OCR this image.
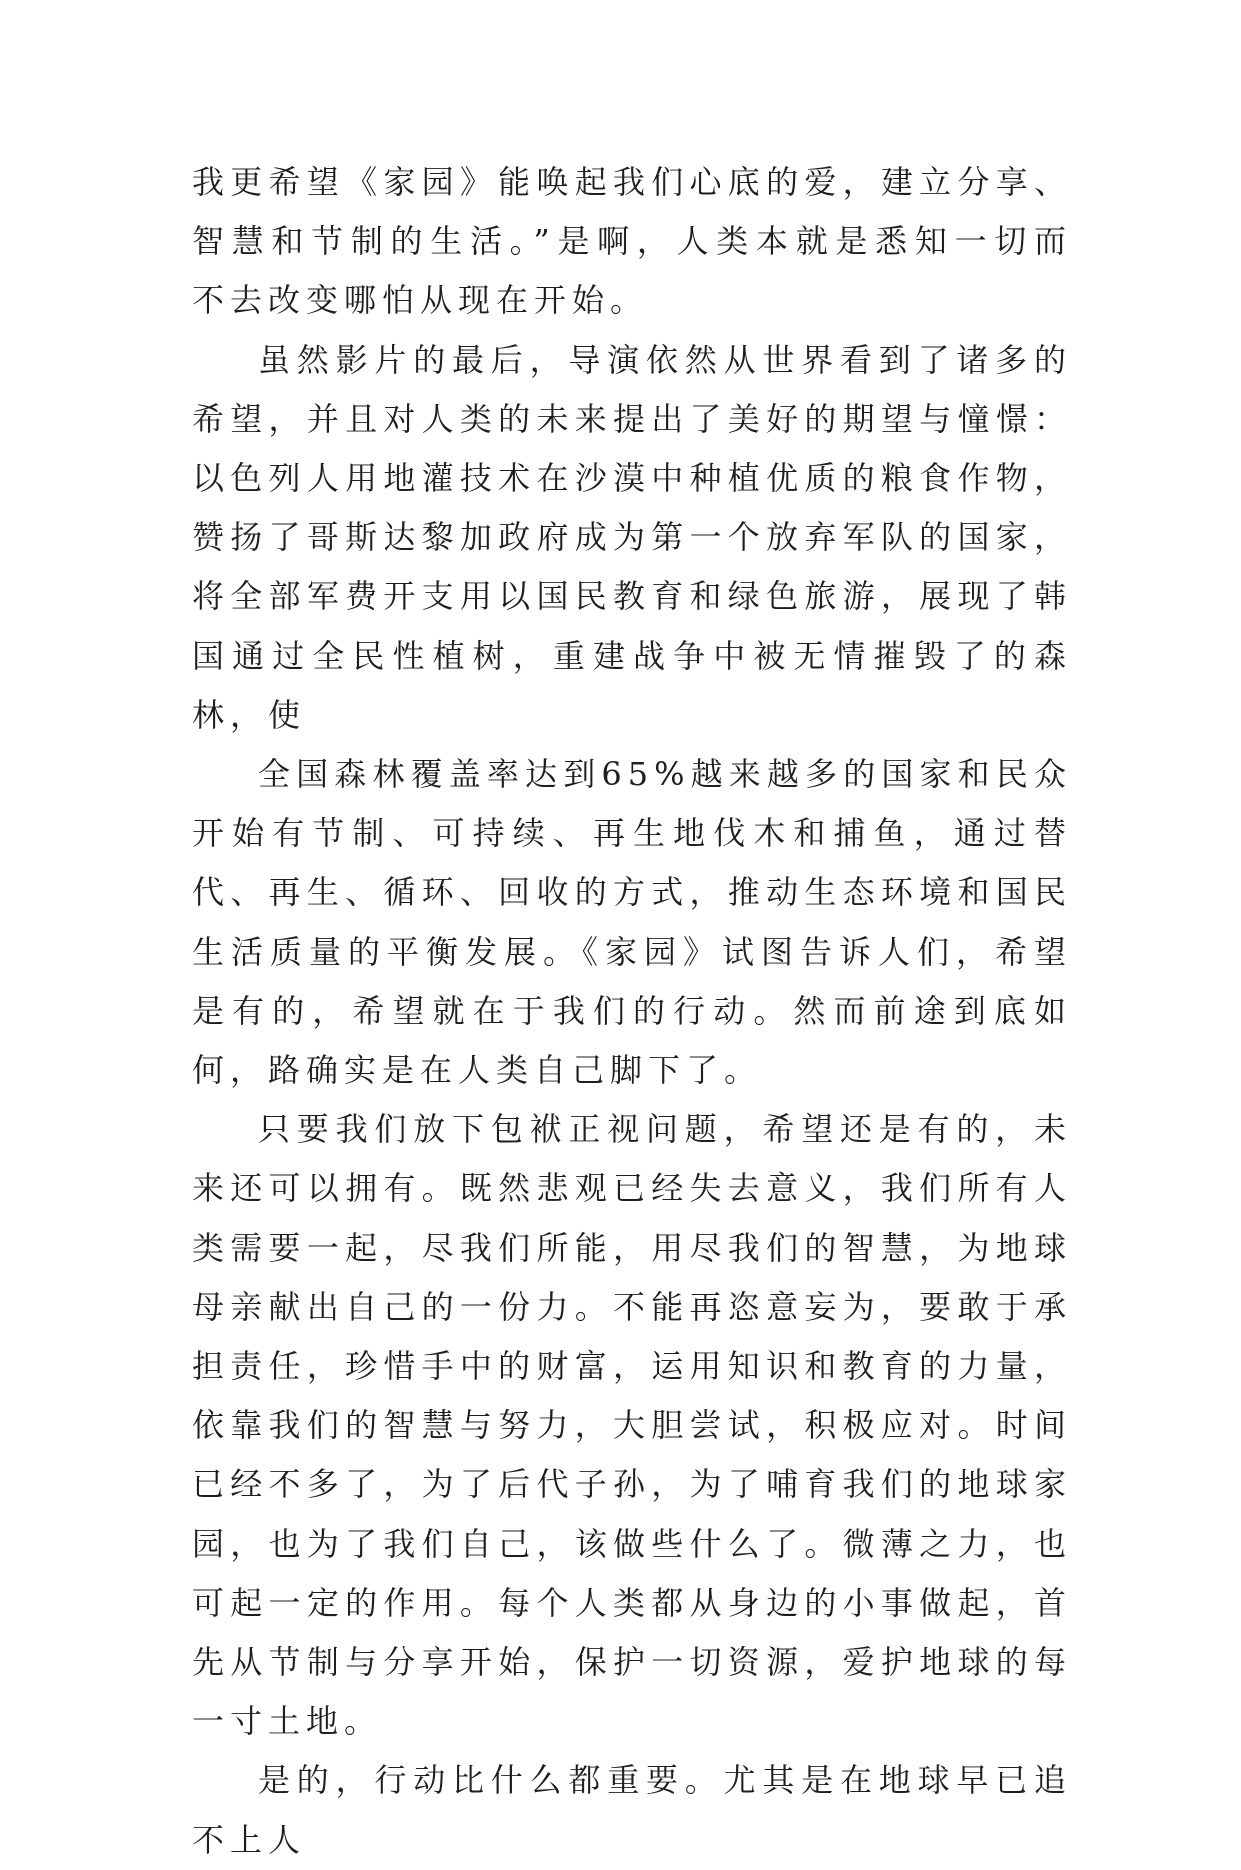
我更希望《家园》能唤起我们心底的爱，建立分享、智慧和节制的生活。”是啊，人类本就是悉知一切而不去改变哪怕从现在开始。

虽然影片的最后，导演依然从世界看到了诸多的希望，并且对人类的未来提出了美好的期望与憧憬：以色列人用地灌技术在沙漠中种植优质的粮食作物，赞扬了哥斯达黎加政府成为第一个放弃军队的国家，将全部军费开支用以国民教育和绿色旅游，展现了韩国通过全民性植树，重建战争中被无情摧毁了的森林，使

全国森林覆盖率达到65%越来越多的国家和民众开始有节制、可持续、再生地伐木和捕鱼，通过替代、再生、循环、回收的方式，推动生态环境和国民生活质量的平衡发展。《家园》试图告诉人们，希望是有的，希望就在于我们的行动。然而前途到底如何，路确实是在人类自己脚下了。

只要我们放下包袱正视问题，希望还是有的，未来还可以拥有。既然悲观已经失去意义，我们所有人类需要一起，尽我们所能，用尽我们的智慧，为地球母亲献出自己的一份力。不能再恣意妄为，要敢于承担责任，珍惜手中的财富，运用知识和教育的力量，依靠我们的智慧与努力，大胆尝试，积极应对。时间已经不多了，为了后代子孙，为了哺育我们的地球家园，也为了我们自己，该做些什么了。微薄之力，也可起一定的作用。每个人类都从身边的小事做起，首先从节制与分享开始，保护一切资源，爱护地球的每一寸土地。

是的，行动比什么都重要。尤其是在地球早已追不上人
